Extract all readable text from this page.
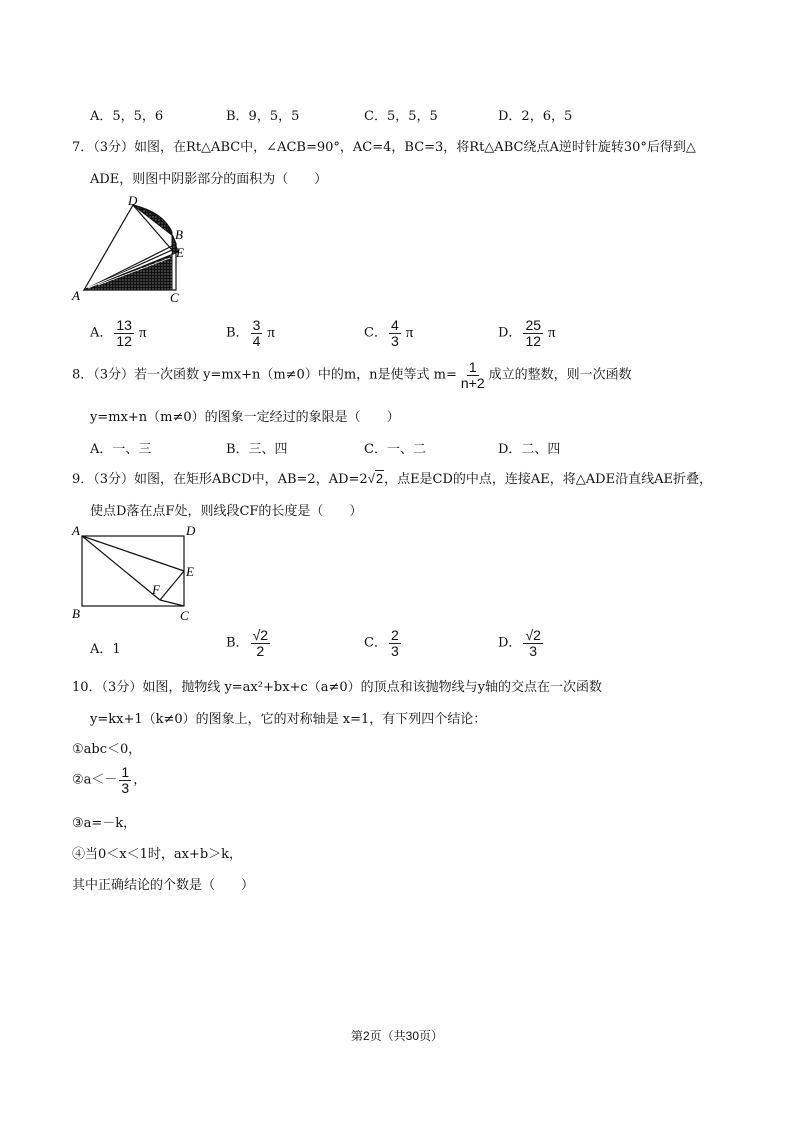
A．5，5，6	B．9，5，5	C．5，5，5	D．2，6，5
7．（3分）如图，在Rt△ABC中，∠ACB=90°，AC=4，BC=3，将Rt△ABC绕点A逆时针旋转30°后得到△
ADE，则图中阴影部分的面积为（　　）
D
B
E
A	C
A． $\frac{13}{12}$ π	B． $\frac{3}{4}$ π	C． $\frac{4}{3}$ π	D． $\frac{25}{12}$ π
8．（3分）若一次函数 y=mx+n（m≠0）中的m，n是使等式 $m= \frac{1}{n+2}$ 成立的整数，则一次函数
y=mx+n（m≠0）的图象一定经过的象限是（　　）
A．一、三	B．三、四	C．一、二	D．二、四
9．（3分）如图，在矩形ABCD中，AB=2，AD=2√2，点E是CD的中点，连接AE，将△ADE沿直线AE折叠，
使点D落在点F处，则线段CF的长度是（　　）
A	D
E
F
B	C
A．1	B． $\frac{√2}{2}$	C． $\frac{2}{3}$	D． $\frac{√2}{3}$
10．（3分）如图，抛物线 y=ax²+bx+c（a≠0）的顶点和该抛物线与y轴的交点在一次函数
y=kx+1（k≠0）的图象上，它的对称轴是 x=1，有下列四个结论：
①abc＜0，
②a＜－ $\frac{1}{3}$ ，
③a=－k，
④当0＜x＜1时，ax+b＞k，
其中正确结论的个数是（　　）
第2页（共30页）
